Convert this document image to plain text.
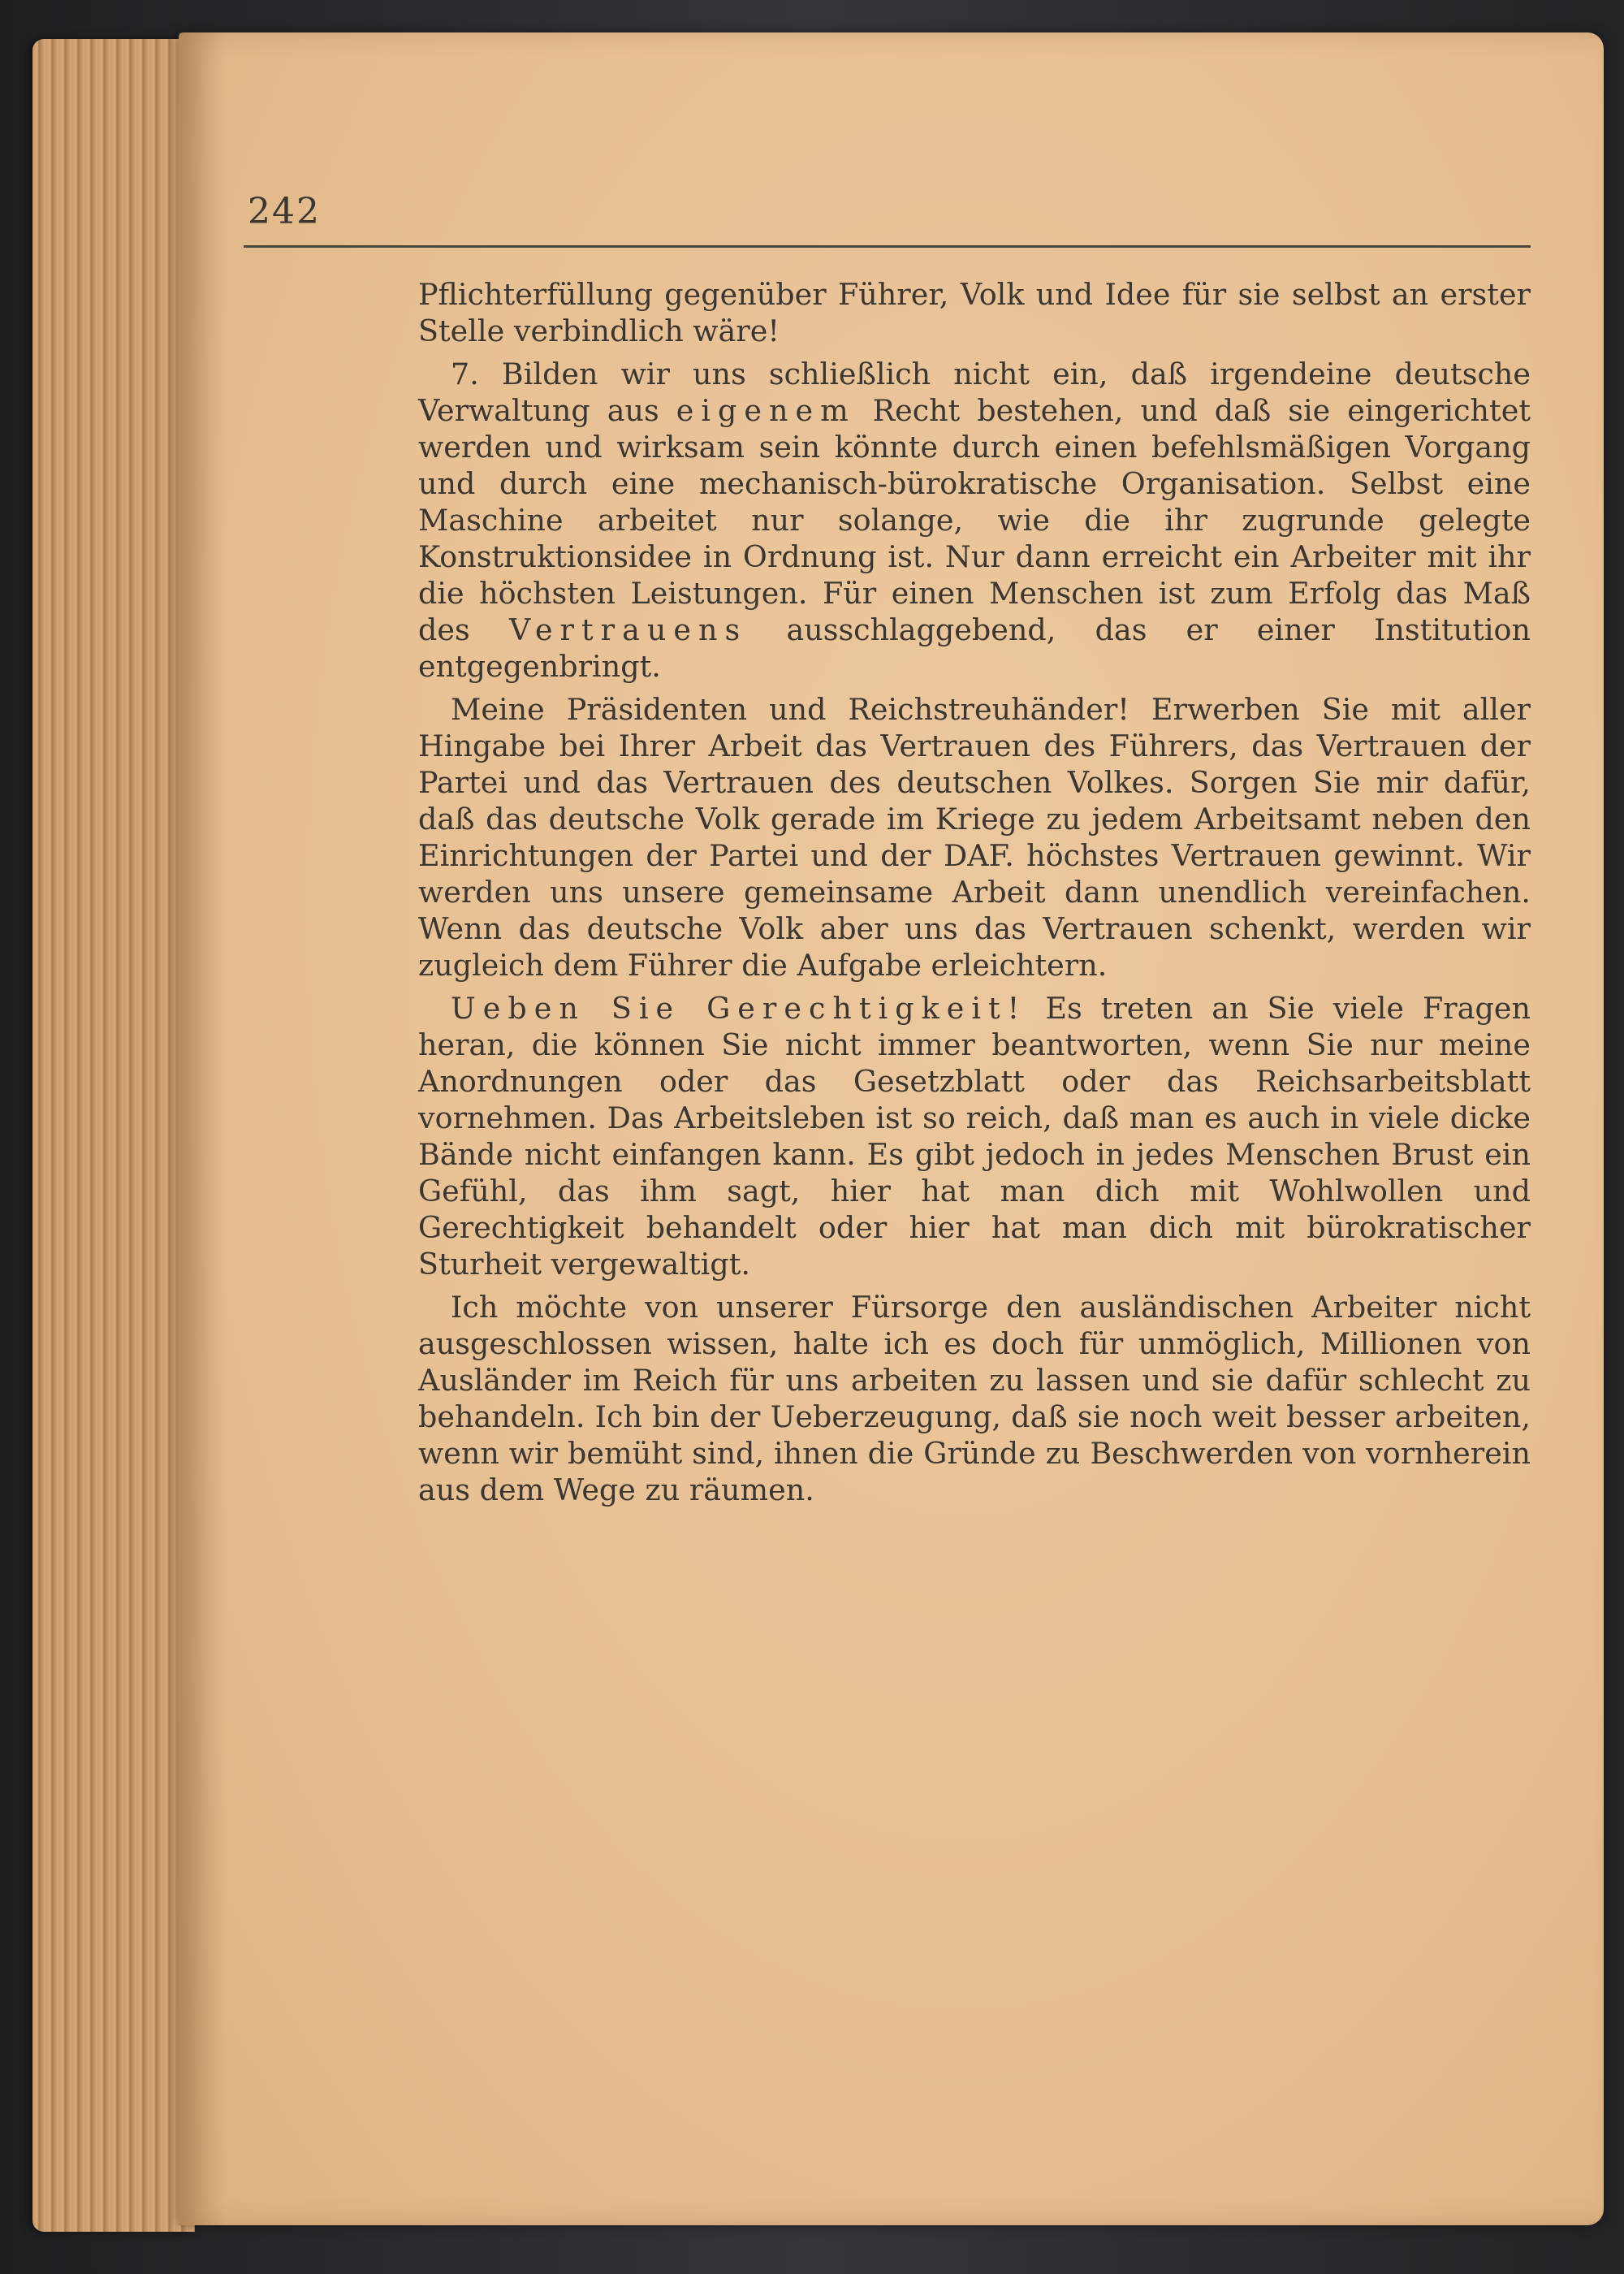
242

Pflichterfüllung gegenüber Führer, Volk und Idee für sie selbst an erster Stelle verbindlich wäre!

7. Bilden wir uns schließlich nicht ein, daß irgendeine deutsche Verwaltung aus eigenem Recht bestehen, und daß sie eingerichtet werden und wirksam sein könnte durch einen befehlsmäßigen Vorgang und durch eine mechanisch-bürokratische Organisation. Selbst eine Maschine arbeitet nur solange, wie die ihr zugrunde gelegte Konstruktionsidee in Ordnung ist. Nur dann erreicht ein Arbeiter mit ihr die höchsten Leistungen. Für einen Menschen ist zum Erfolg das Maß des Vertrauens ausschlaggebend, das er einer Institution entgegenbringt.

Meine Präsidenten und Reichstreuhänder! Erwerben Sie mit aller Hingabe bei Ihrer Arbeit das Vertrauen des Führers, das Vertrauen der Partei und das Vertrauen des deutschen Volkes. Sorgen Sie mir dafür, daß das deutsche Volk gerade im Kriege zu jedem Arbeitsamt neben den Einrichtungen der Partei und der DAF. höchstes Vertrauen gewinnt. Wir werden uns unsere gemeinsame Arbeit dann unendlich vereinfachen. Wenn das deutsche Volk aber uns das Vertrauen schenkt, werden wir zugleich dem Führer die Aufgabe erleichtern.

Ueben Sie Gerechtigkeit! Es treten an Sie viele Fragen heran, die können Sie nicht immer beantworten, wenn Sie nur meine Anordnungen oder das Gesetzblatt oder das Reichsarbeitsblatt vornehmen. Das Arbeitsleben ist so reich, daß man es auch in viele dicke Bände nicht einfangen kann. Es gibt jedoch in jedes Menschen Brust ein Gefühl, das ihm sagt, hier hat man dich mit Wohlwollen und Gerechtigkeit behandelt oder hier hat man dich mit bürokratischer Sturheit vergewaltigt.

Ich möchte von unserer Fürsorge den ausländischen Arbeiter nicht ausgeschlossen wissen, halte ich es doch für unmöglich, Millionen von Ausländer im Reich für uns arbeiten zu lassen und sie dafür schlecht zu behandeln. Ich bin der Ueberzeugung, daß sie noch weit besser arbeiten, wenn wir bemüht sind, ihnen die Gründe zu Beschwerden von vornherein aus dem Wege zu räumen.
